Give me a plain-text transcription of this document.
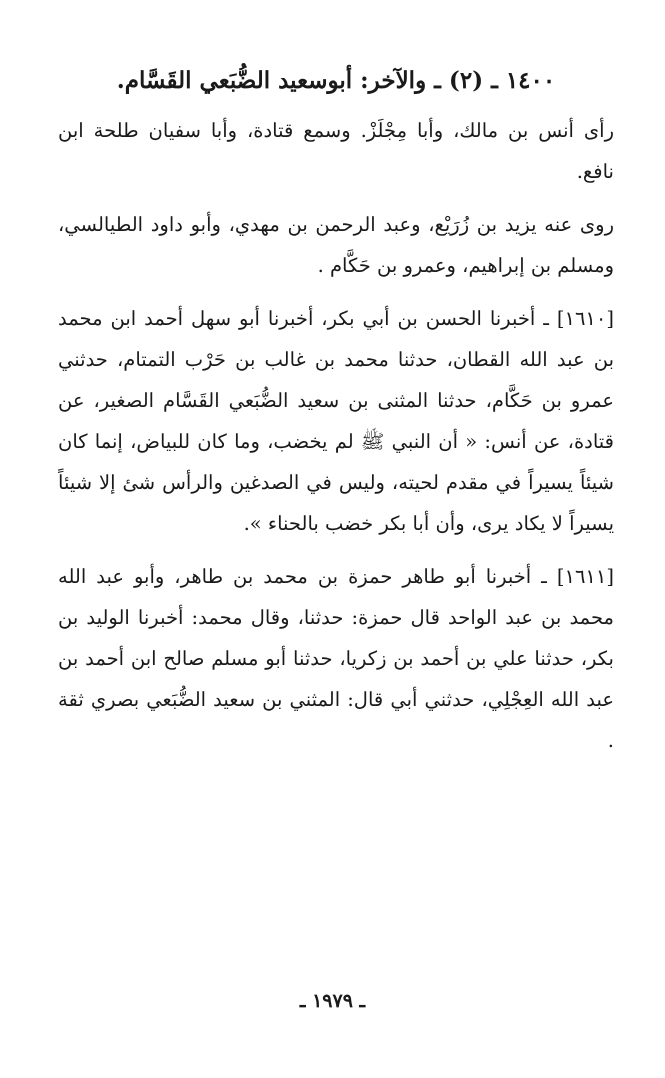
١٤٠٠ ـ (٢) ـ والآخر: أبوسعيد الضُّبَعي القَسَّام.

رأى أنس بن مالك، وأبا مِجْلَزْ. وسمع قتادة، وأبا سفيان طلحة ابن نافع.

روى عنه يزيد بن زُرَيْع، وعبد الرحمن بن مهدي، وأبو داود الطيالسي، ومسلم بن إبراهيم، وعمرو بن حَكَّام .

[١٦١٠] ـ أخبرنا الحسن بن أبي بكر، أخبرنا أبو سهل أحمد ابن محمد بن عبد الله القطان، حدثنا محمد بن غالب بن حَرْب التمتام، حدثني عمرو بن حَكَّام، حدثنا المثنى بن سعيد الضُّبَعي القَسَّام الصغير، عن قتادة، عن أنس: « أن النبي ﷺ لم يخضب، وما كان للبياض، إنما كان شيئاً يسيراً في مقدم لحيته، وليس في الصدغين والرأس شئ إلا شيئاً يسيراً لا يكاد يرى، وأن أبا بكر خضب بالحناء ».

[١٦١١] ـ أخبرنا أبو طاهر حمزة بن محمد بن طاهر، وأبو عبد الله محمد بن عبد الواحد قال حمزة: حدثنا، وقال محمد: أخبرنا الوليد بن بكر، حدثنا علي بن أحمد بن زكريا، حدثنا أبو مسلم صالح ابن أحمد بن عبد الله العِجْلِي، حدثني أبي قال: المثني بن سعيد الضُّبَعي بصري ثقة .

ـ ١٩٧٩ ـ
